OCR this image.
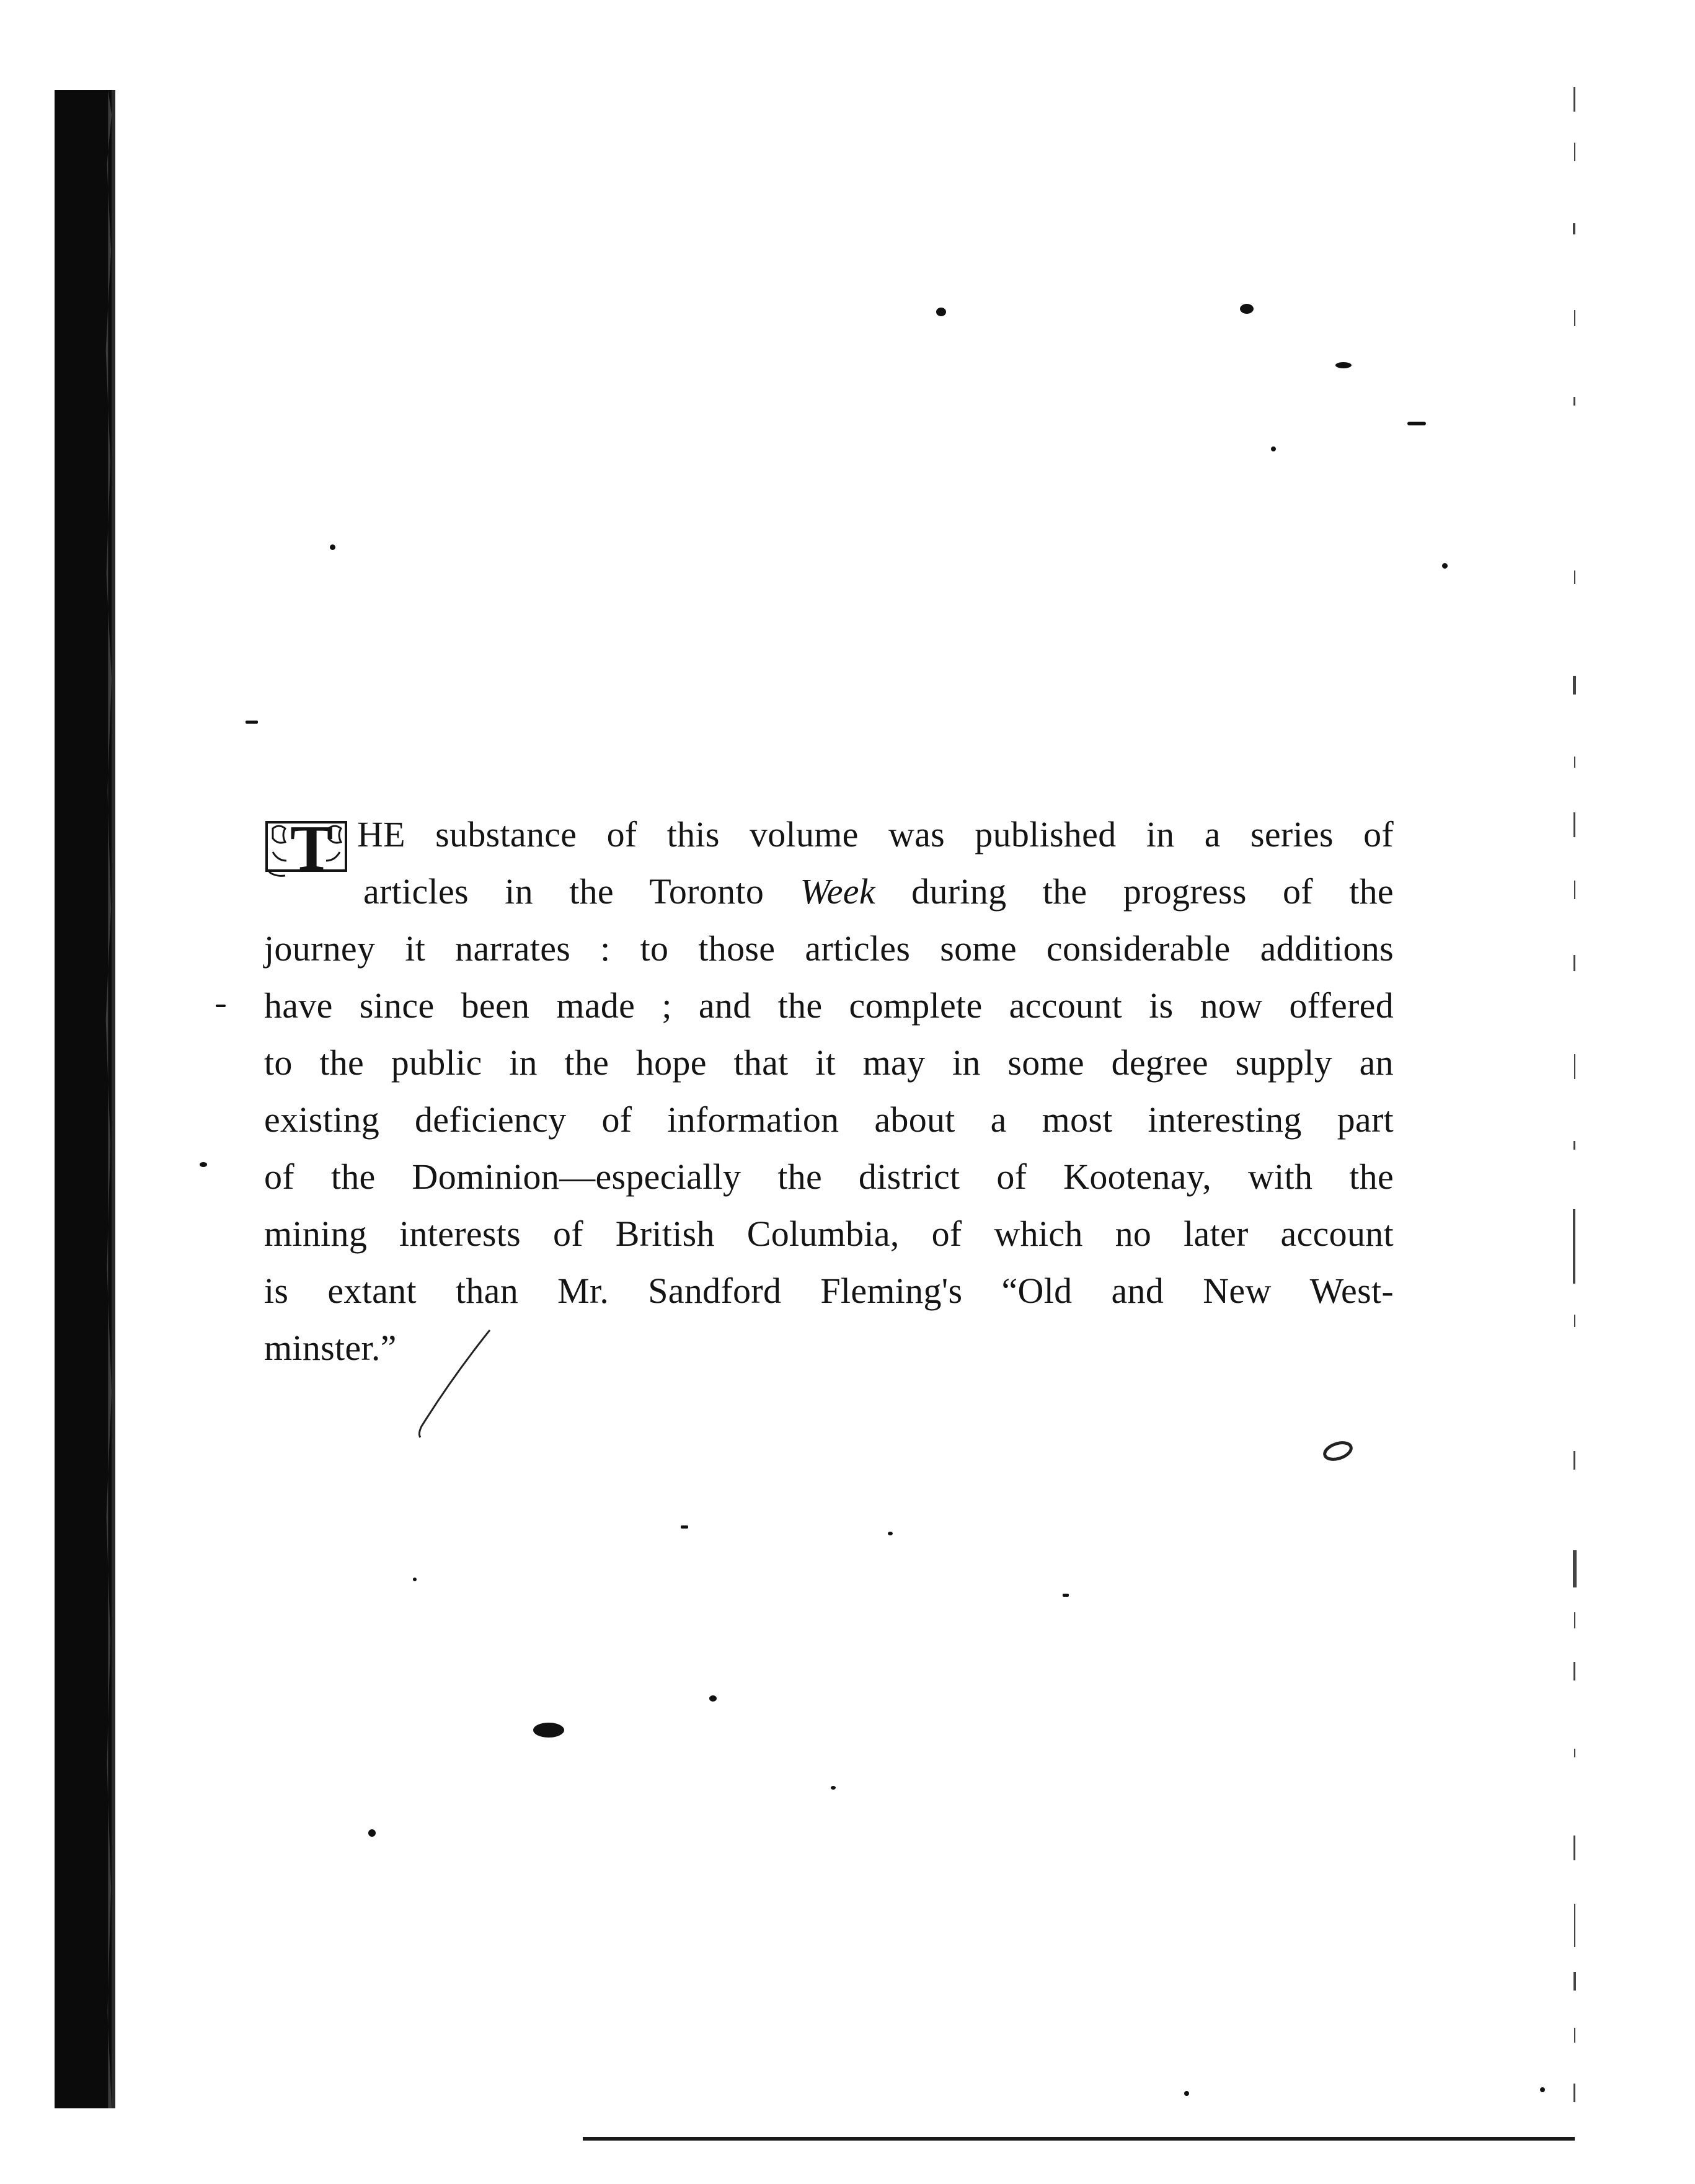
T HE substance of this volume was published in a series of
articles in the Toronto Week during the progress of the
journey it narrates : to those articles some considerable additions
have since been made ; and the complete account is now offered
to the public in the hope that it may in some degree supply an
existing deficiency of information about a most interesting part
of the Dominion—especially the district of Kootenay, with the
mining interests of British Columbia, of which no later account
is extant than Mr. Sandford Fleming's “Old and New West-
minster.”
